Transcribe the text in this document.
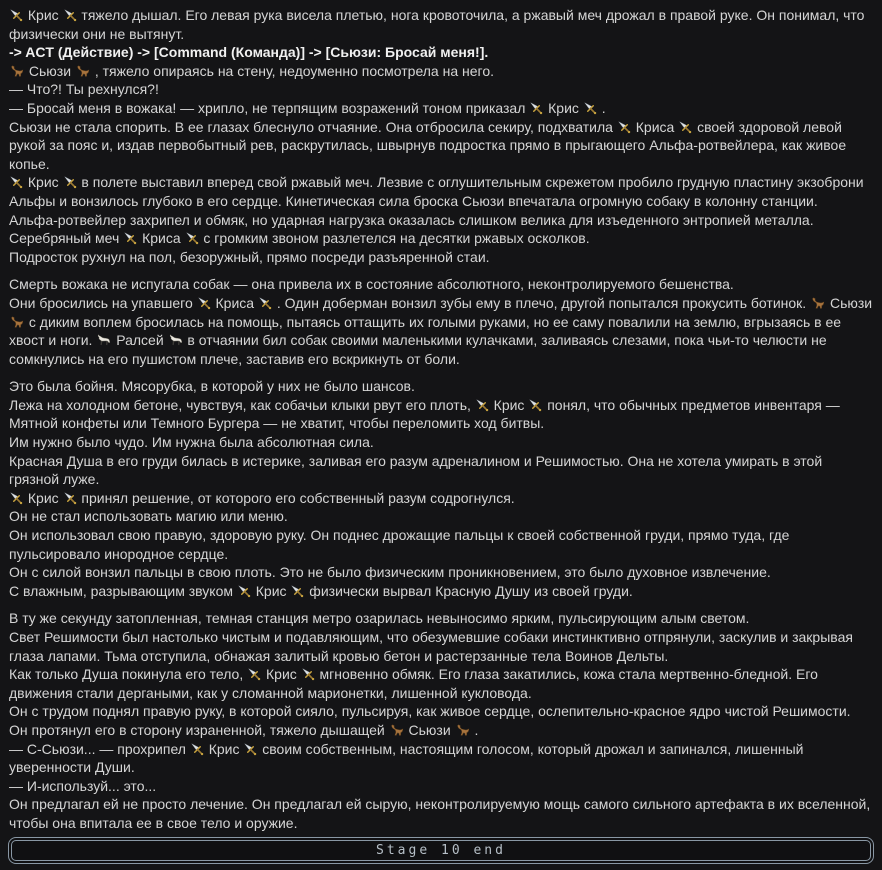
Крис  тяжело дышал. Его левая рука висела плетью, нога кровоточила, а ржавый меч дрожал в правой руке. Он понимал, что физически они не вытянут.

-> ACT (Действие) -> [Command (Команда)] -> [Сьюзи: Бросай меня!].

Сьюзи  , тяжело опираясь на стену, недоуменно посмотрела на него.

— Что?! Ты рехнулся?!

— Бросай меня в вожака! — хрипло, не терпящим возражений тоном приказал  Крис  .

Сьюзи не стала спорить. В ее глазах блеснуло отчаяние. Она отбросила секиру, подхватила  Криса  своей здоровой левой рукой за пояс и, издав первобытный рев, раскрутилась, швырнув подростка прямо в прыгающего Альфа-ротвейлера, как живое копье.

Крис  в полете выставил вперед свой ржавый меч. Лезвие с оглушительным скрежетом пробило грудную пластину экзоброни Альфы и вонзилось глубоко в его сердце. Кинетическая сила броска Сьюзи впечатала огромную собаку в колонну станции.

Альфа-ротвейлер захрипел и обмяк, но ударная нагрузка оказалась слишком велика для изъеденного энтропией металла. Серебряный меч  Криса  с громким звоном разлетелся на десятки ржавых осколков.

Подросток рухнул на пол, безоружный, прямо посреди разъяренной стаи.

Смерть вожака не испугала собак — она привела их в состояние абсолютного, неконтролируемого бешенства.

Они бросились на упавшего  Криса  . Один доберман вонзил зубы ему в плечо, другой попытался прокусить ботинок.  Сьюзи  с диким воплем бросилась на помощь, пытаясь оттащить их голыми руками, но ее саму повалили на землю, вгрызаясь в ее хвост и ноги.  Ралсей  в отчаянии бил собак своими маленькими кулачками, заливаясь слезами, пока чьи-то челюсти не сомкнулись на его пушистом плече, заставив его вскрикнуть от боли.

Это была бойня. Мясорубка, в которой у них не было шансов.

Лежа на холодном бетоне, чувствуя, как собачьи клыки рвут его плоть,  Крис  понял, что обычных предметов инвентаря — Мятной конфеты или Темного Бургера — не хватит, чтобы переломить ход битвы.

Им нужно было чудо. Им нужна была абсолютная сила.

Красная Душа в его груди билась в истерике, заливая его разум адреналином и Решимостью. Она не хотела умирать в этой грязной луже.

Крис  принял решение, от которого его собственный разум содрогнулся.

Он не стал использовать магию или меню.

Он использовал свою правую, здоровую руку. Он поднес дрожащие пальцы к своей собственной груди, прямо туда, где пульсировало инородное сердце.

Он с силой вонзил пальцы в свою плоть. Это не было физическим проникновением, это было духовное извлечение.

С влажным, разрывающим звуком  Крис  физически вырвал Красную Душу из своей груди.

В ту же секунду затопленная, темная станция метро озарилась невыносимо ярким, пульсирующим алым светом.

Свет Решимости был настолько чистым и подавляющим, что обезумевшие собаки инстинктивно отпрянули, заскулив и закрывая глаза лапами. Тьма отступила, обнажая залитый кровью бетон и растерзанные тела Воинов Дельты.

Как только Душа покинула его тело,  Крис  мгновенно обмяк. Его глаза закатились, кожа стала мертвенно-бледной. Его движения стали дергаными, как у сломанной марионетки, лишенной кукловода.

Он с трудом поднял правую руку, в которой сияло, пульсируя, как живое сердце, ослепительно-красное ядро чистой Решимости.

Он протянул его в сторону израненной, тяжело дышащей  Сьюзи  .

— С-Сьюзи... — прохрипел  Крис  своим собственным, настоящим голосом, который дрожал и запинался, лишенный уверенности Души.

— И-используй... это...

Он предлагал ей не просто лечение. Он предлагал ей сырую, неконтролируемую мощь самого сильного артефакта в их вселенной, чтобы она впитала ее в свое тело и оружие.

Stage 10 end
